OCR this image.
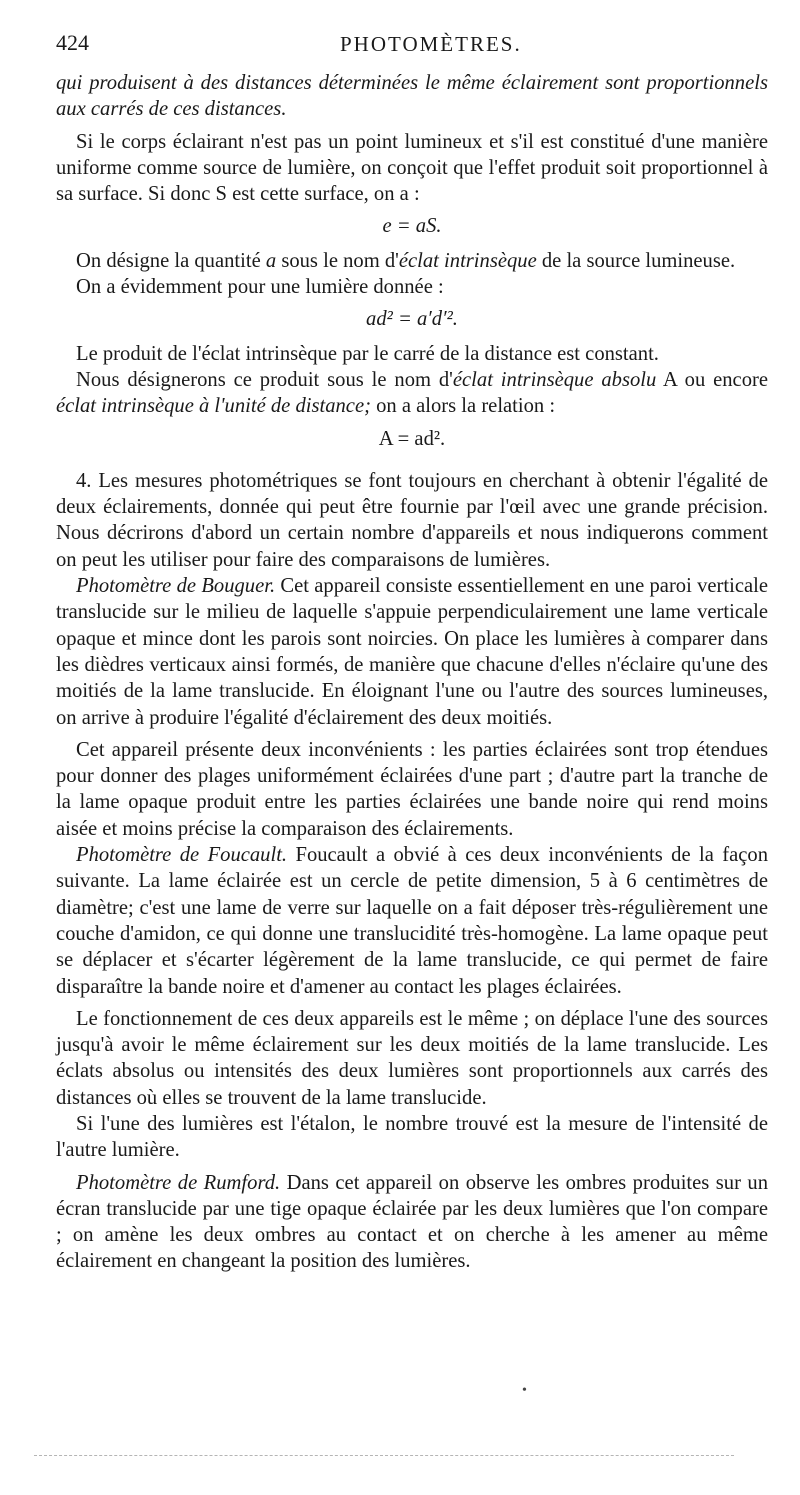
424	PHOTOMÈTRES.

qui produisent à des distances déterminées le même éclairement sont proportionnels aux carrés de ces distances.

Si le corps éclairant n'est pas un point lumineux et s'il est constitué d'une manière uniforme comme source de lumière, on conçoit que l'effet produit soit proportionnel à sa surface. Si donc S est cette surface, on a :

e = aS.

On désigne la quantité a sous le nom d'éclat intrinsèque de la source lumineuse.

On a évidemment pour une lumière donnée :

ad² = a′d′².

Le produit de l'éclat intrinsèque par le carré de la distance est constant.

Nous désignerons ce produit sous le nom d'éclat intrinsèque absolu A ou encore éclat intrinsèque à l'unité de distance; on a alors la relation :

A = ad².

4. Les mesures photométriques se font toujours en cherchant à obtenir l'égalité de deux éclairements, donnée qui peut être fournie par l'œil avec une grande précision. Nous décrirons d'abord un certain nombre d'appareils et nous indiquerons comment on peut les utiliser pour faire des comparaisons de lumières.

Photomètre de Bouguer. Cet appareil consiste essentiellement en une paroi verticale translucide sur le milieu de laquelle s'appuie perpendiculairement une lame verticale opaque et mince dont les parois sont noircies. On place les lumières à comparer dans les dièdres verticaux ainsi formés, de manière que chacune d'elles n'éclaire qu'une des moitiés de la lame translucide. En éloignant l'une ou l'autre des sources lumineuses, on arrive à produire l'égalité d'éclairement des deux moitiés.

Cet appareil présente deux inconvénients : les parties éclairées sont trop étendues pour donner des plages uniformément éclairées d'une part ; d'autre part la tranche de la lame opaque produit entre les parties éclairées une bande noire qui rend moins aisée et moins précise la comparaison des éclairements.

Photomètre de Foucault. Foucault a obvié à ces deux inconvénients de la façon suivante. La lame éclairée est un cercle de petite dimension, 5 à 6 centimètres de diamètre; c'est une lame de verre sur laquelle on a fait déposer très-régulièrement une couche d'amidon, ce qui donne une translucidité très-homogène. La lame opaque peut se déplacer et s'écarter légèrement de la lame translucide, ce qui permet de faire disparaître la bande noire et d'amener au contact les plages éclairées.

Le fonctionnement de ces deux appareils est le même ; on déplace l'une des sources jusqu'à avoir le même éclairement sur les deux moitiés de la lame translucide. Les éclats absolus ou intensités des deux lumières sont proportionnels aux carrés des distances où elles se trouvent de la lame translucide.

Si l'une des lumières est l'étalon, le nombre trouvé est la mesure de l'intensité de l'autre lumière.

Photomètre de Rumford. Dans cet appareil on observe les ombres produites sur un écran translucide par une tige opaque éclairée par les deux lumières que l'on compare ; on amène les deux ombres au contact et on cherche à les amener au même éclairement en changeant la position des lumières.

•
